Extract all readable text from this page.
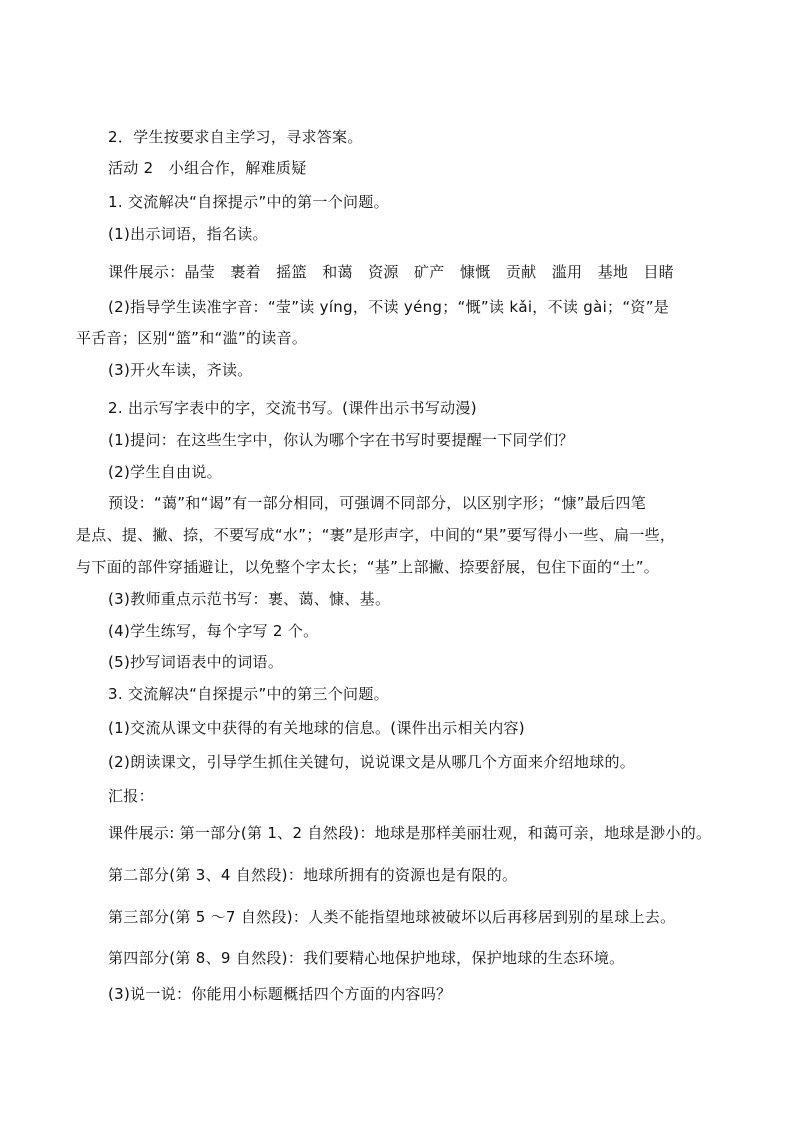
2．学生按要求自主学习，寻求答案。
活动 2　小组合作，解难质疑
1. 交流解决“自探提示”中的第一个问题。
(1)出示词语，指名读。
课件展示：晶莹　裹着　摇篮　和蔼　资源　矿产　慷慨　贡献　滥用　基地　目睹
(2)指导学生读准字音：“莹”读 yíng，不读 yéng；“慨”读 kǎi，不读 gài；“资”是
平舌音；区别“篮”和“滥”的读音。
(3)开火车读，齐读。
2. 出示写字表中的字，交流书写。(课件出示书写动漫)
(1)提问：在这些生字中，你认为哪个字在书写时要提醒一下同学们？
(2)学生自由说。
预设：“蔼”和“谒”有一部分相同，可强调不同部分，以区别字形；“慷”最后四笔
是点、提、撇、捺，不要写成“水”；“裹”是形声字，中间的“果”要写得小一些、扁一些，
与下面的部件穿插避让，以免整个字太长；“基”上部撇、捺要舒展，包住下面的“土”。
(3)教师重点示范书写：裹、蔼、慷、基。
(4)学生练写，每个字写 2 个。
(5)抄写词语表中的词语。
3. 交流解决“自探提示”中的第三个问题。
(1)交流从课文中获得的有关地球的信息。(课件出示相关内容)
(2)朗读课文，引导学生抓住关键句，说说课文是从哪几个方面来介绍地球的。
汇报：
课件展示: 第一部分(第 1、2 自然段)：地球是那样美丽壮观，和蔼可亲，地球是渺小的。
第二部分(第 3、4 自然段)：地球所拥有的资源也是有限的。
第三部分(第 5 ～7 自然段)：人类不能指望地球被破坏以后再移居到别的星球上去。
第四部分(第 8、9 自然段)：我们要精心地保护地球，保护地球的生态环境。
(3)说一说：你能用小标题概括四个方面的内容吗？
